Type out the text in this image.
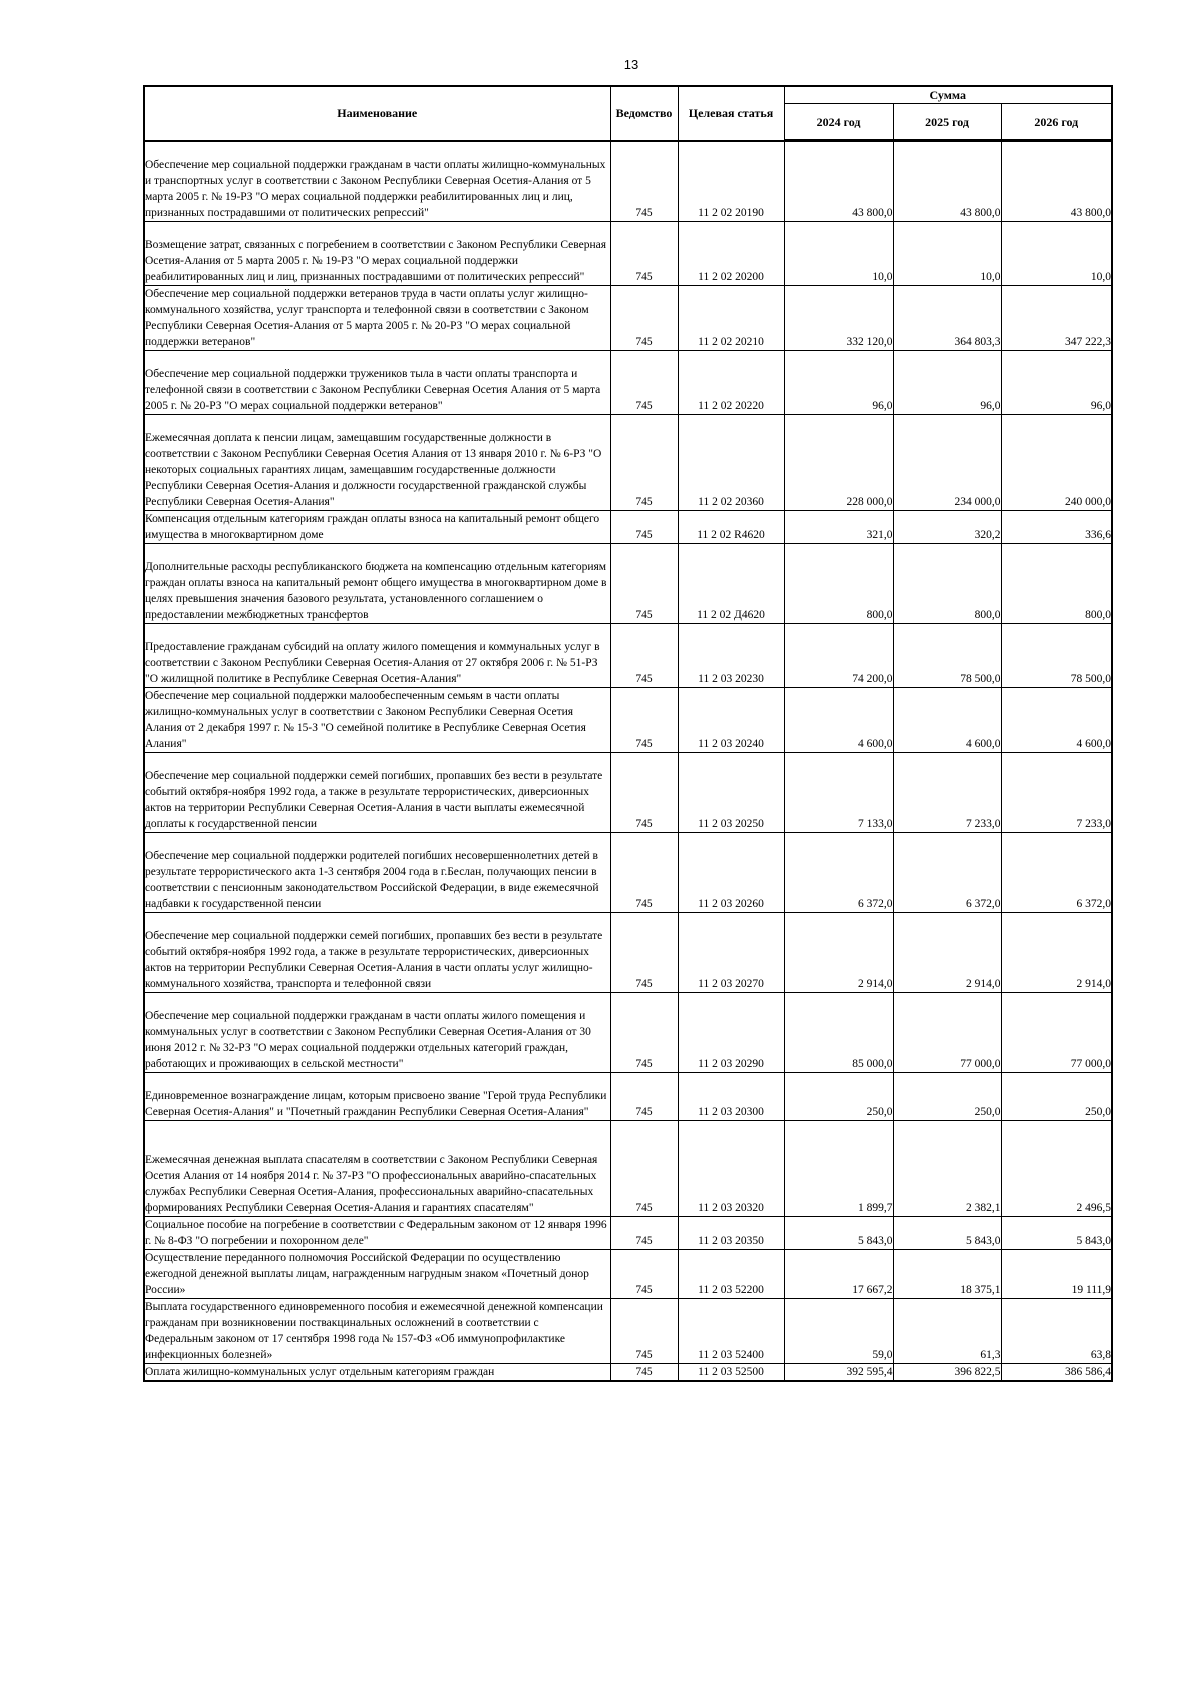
13
Наименование	Ведомство	Целевая статья	Сумма		
			2024 год	2025 год	2026 год
Обеспечение мер социальной поддержки гражданам в части оплаты жилищно-коммунальных и транспортных услуг в соответствии с Законом Республики Северная Осетия-Алания от 5 марта 2005 г. № 19-РЗ "О мерах социальной поддержки реабилитированных лиц и лиц, признанных пострадавшими от политических репрессий"	745	11 2 02 20190	43 800,0	43 800,0	43 800,0
Возмещение затрат, связанных с погребением в соответствии с Законом Республики Северная Осетия-Алания от 5 марта 2005 г. № 19-РЗ "О мерах социальной поддержки реабилитированных лиц и лиц, признанных пострадавшими от политических репрессий"	745	11 2 02 20200	10,0	10,0	10,0
Обеспечение мер социальной поддержки ветеранов труда в части оплаты услуг жилищно-коммунального хозяйства, услуг транспорта и телефонной связи в соответствии с Законом Республики Северная Осетия-Алания от 5 марта 2005 г. № 20-РЗ "О мерах социальной поддержки ветеранов"	745	11 2 02 20210	332 120,0	364 803,3	347 222,3
Обеспечение мер социальной поддержки тружеников тыла в части оплаты транспорта и телефонной связи в соответствии с Законом Республики Северная Осетия Алания от 5 марта 2005 г. № 20-РЗ "О мерах социальной поддержки ветеранов"	745	11 2 02 20220	96,0	96,0	96,0
Ежемесячная доплата к пенсии лицам, замещавшим государственные должности в соответствии с Законом Республики Северная Осетия Алания от 13 января 2010 г. № 6-РЗ "О некоторых социальных гарантиях лицам, замещавшим государственные должности Республики Северная Осетия-Алания и должности государственной гражданской службы Республики Северная Осетия-Алания"	745	11 2 02 20360	228 000,0	234 000,0	240 000,0
Компенсация отдельным категориям граждан оплаты взноса на капитальный ремонт общего имущества в многоквартирном доме	745	11 2 02 R4620	321,0	320,2	336,6
Дополнительные расходы республиканского бюджета на компенсацию отдельным категориям граждан оплаты взноса на капитальный ремонт общего имущества в многоквартирном доме в целях превышения значения базового результата, установленного соглашением о предоставлении межбюджетных трансфертов	745	11 2 02 Д4620	800,0	800,0	800,0
Предоставление гражданам субсидий на оплату жилого помещения и коммунальных услуг в соответствии с Законом Республики Северная Осетия-Алания от 27 октября 2006 г. № 51-РЗ "О жилищной политике в Республике Северная Осетия-Алания"	745	11 2 03 20230	74 200,0	78 500,0	78 500,0
Обеспечение мер социальной поддержки малообеспеченным семьям в части оплаты жилищно-коммунальных услуг в соответствии с Законом Республики Северная Осетия Алания от 2 декабря 1997 г. № 15-З "О семейной политике в Республике Северная Осетия Алания"	745	11 2 03 20240	4 600,0	4 600,0	4 600,0
Обеспечение мер социальной поддержки семей погибших, пропавших без вести в результате событий октября-ноября 1992 года, а также в результате террористических, диверсионных актов на территории Республики Северная Осетия-Алания в части выплаты ежемесячной доплаты к государственной пенсии	745	11 2 03 20250	7 133,0	7 233,0	7 233,0
Обеспечение мер социальной поддержки родителей погибших несовершеннолетних детей в результате террористического акта 1-3 сентября 2004 года в г.Беслан, получающих пенсии в соответствии с пенсионным законодательством Российской Федерации, в виде ежемесячной надбавки к государственной пенсии	745	11 2 03 20260	6 372,0	6 372,0	6 372,0
Обеспечение мер социальной поддержки семей погибших, пропавших без вести в результате событий октября-ноября 1992 года, а также в результате террористических, диверсионных актов на территории Республики Северная Осетия-Алания в части оплаты услуг жилищно-коммунального хозяйства, транспорта и телефонной связи	745	11 2 03 20270	2 914,0	2 914,0	2 914,0
Обеспечение мер социальной поддержки гражданам в части оплаты жилого помещения и коммунальных услуг в соответствии с Законом Республики Северная Осетия-Алания от 30 июня 2012 г. № 32-РЗ "О мерах социальной поддержки отдельных категорий граждан, работающих и проживающих в сельской местности"	745	11 2 03 20290	85 000,0	77 000,0	77 000,0
Единовременное вознаграждение лицам, которым присвоено звание "Герой труда Республики Северная Осетия-Алания" и "Почетный гражданин Республики Северная Осетия-Алания"	745	11 2 03 20300	250,0	250,0	250,0
Ежемесячная денежная выплата спасателям в соответствии с Законом Республики Северная Осетия Алания от 14 ноября 2014 г. № 37-РЗ "О профессиональных аварийно-спасательных службах Республики Северная Осетия-Алания, профессиональных аварийно-спасательных формированиях Республики Северная Осетия-Алания и гарантиях спасателям"	745	11 2 03 20320	1 899,7	2 382,1	2 496,5
Социальное пособие на погребение в соответствии с Федеральным законом от 12 января 1996 г. № 8-ФЗ "О погребении и похоронном деле"	745	11 2 03 20350	5 843,0	5 843,0	5 843,0
Осуществление переданного полномочия Российской Федерации по осуществлению ежегодной денежной выплаты лицам, награжденным нагрудным знаком «Почетный донор России»	745	11 2 03 52200	17 667,2	18 375,1	19 111,9
Выплата государственного единовременного пособия и ежемесячной денежной компенсации гражданам при возникновении поствакцинальных осложнений в соответствии с Федеральным законом от 17 сентября 1998 года № 157-ФЗ «Об иммунопрофилактике инфекционных болезней»	745	11 2 03 52400	59,0	61,3	63,8
Оплата жилищно-коммунальных услуг отдельным категориям граждан	745	11 2 03 52500	392 595,4	396 822,5	386 586,4
